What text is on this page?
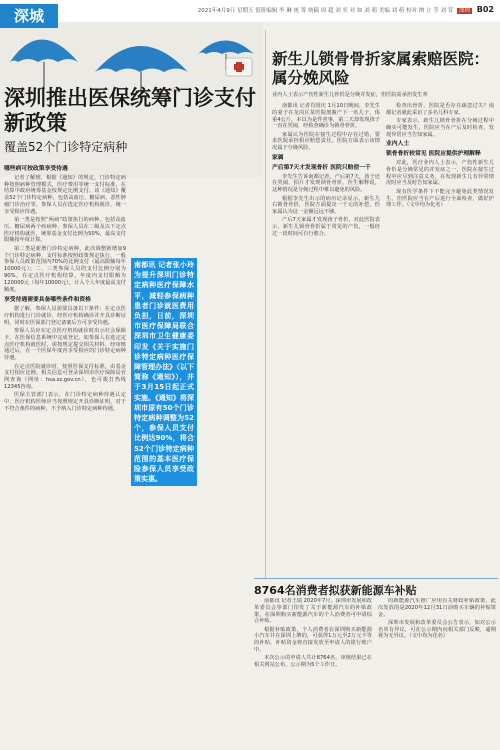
深城	2021年4月9日 星期五 值班编辑 李 琳 统 筹 统稿 周 超 刘 奕 对 如 刘 萌 美编 刘 萌 校对 纳 立 莹 刘 萱 深圳 B02
深圳推出医保统筹门诊支付新政策
覆盖52个门诊特定病种
哪些病可按政策享受待遇

记者了解到，根据《通知》的规定，门诊特定病种按照病种管理模式，医疗费用等统一支付标准，在结算中政府统筹基金按规定比例支付。该《通知》覆盖52个门诊特定病种，包括高血压、糖尿病、恶性肿瘤门诊治疗等，参保人员在选定医疗机构就诊，统一享受相应待遇。

第一类是按照“两病”政策执行的病种，包括高血压、糖尿病两个疾病种，参保人员在二级及以下定点医疗机构就医，统筹基金支付比例为50%，最高支付限额按年度计算。

第二类是新增门诊特定病种，此次调整新增加9个门诊特定病种，支付标准按照政策规定执行，一般参保人员政策范围内70%的比例支付（最高限额每年10000元）；二、三类参保人员的支付比例分别为90%，在定点医疗机构结算，年度内支付限额为120000元（每年10000元），计入个人年度最高支付额度。

享受待遇需要具备哪些条件和资格

据了解，参保人员需要具备以下条件：在定点医疗机构进行门诊就诊，经医疗机构确诊并开具诊断证明，同时在医保部门登记备案后方可享受待遇。

参保人员应在定点医疗机构就诊时出示社会保障卡，在医保信息系统中完成登记。如参保人在选定定点医疗机构就医时，需按规定提交相关材料，经审核通过后，在一个医保年度内享受相应的门诊特定病种待遇。

在定点医院就诊时，按照医保支付标准，由基金支付相应比例。相关信息可登录深圳市医疗保障局官网查询（网址：hsa.sz.gov.cn），也可拨打热线12345咨询。

医保主管部门表示，在门诊特定病种待遇认定中，医疗机构医师应当按照规定开具诊断证明，对于不符合条件的病种，不予纳入门诊特定病种待遇。

南都讯 记者张小玲 为提升深圳门诊特定病种医疗保障水平，减轻参保病种患者门诊就医费用负担，日前，深圳市医疗保障局联合深圳市卫生健康委印发《关于实施门诊特定病种医疗保障管理办法》（以下简称《通知》），并于3月15日起正式实施。《通知》将深圳市原有50个门诊特定病种调整为52个，参保人员支付比例达90%，将合52个门诊特定病种范围的基本医疗保险参保人员享受政策实惠。
新生儿锁骨骨折家属索赔医院：属分娩风险
业内人士表示产伤性新生儿骨折是分娩并发症，但医院需承担发生率

南都讯 记者肖国庆 1月10日晚间，李先生的妻子在龙岗区某医院剖腹产下一名儿子，体重4公斤，本以为是件喜事，第二天却发现孩子一直在哭闹，经检查确诊为锁骨骨折。

家属认为医院在接生过程中存在过错，要求医院承担相应赔偿责任。医院方面表示该情况属于分娩风险。

家属
产后第7天才发现骨折 医院只赔偿一千

李先生告诉南都记者，产后第7天，孩子还在哭闹，拍片才发现锁骨骨折。医生解释说，这种情况是分娩过程中难以避免的风险。

根据李先生出示的病历记录显示，新生儿右锁骨骨折，医院方面提出一千元的补偿，但家属认为这一金额远远不够。

产后7天家属才发现孩子骨折，对此医院表示，新生儿锁骨骨折属于常见的产伤，一般经过一段时间可自行愈合。

检查出骨折，医院是否存在疏忽过失？南都记者就此采访了多名儿科专家。

专家表示，新生儿锁骨骨折在分娩过程中确实可能发生，医院应当在产后及时检查，发现异常应当告知家属。

业内人士
锁骨骨折较常见 医院应提供护理解释

对此，医疗业内人士表示，产伤性新生儿骨折是分娩常见的并发症之一，医院在接生过程中应尽到注意义务，在发现新生儿有异常情况时应当及时告知家属。

现有医学条件下不能完全避免此类情况发生，但医院应当在产后进行全面检查，做好护理工作。（文中均为化名）

8764名消费者拟获新能源车补贴

南都讯 记者王瑞 2020年7月，深圳市发展和改革委员会等部门印发了关于新能源汽车的补贴政策，在深圳购买新能源汽车的个人消费者可申请综合补贴。

根据补贴政策，个人消费者在深圳购买新能源小汽车并在深圳上牌的，可获得1万元至2万元不等的补贴，补贴资金将直接发放至申请人的银行账户中。

本次公示的申请人共计8764名，审核结果已在相关网站公布，公示期为5个工作日。

的新能源汽车推广应用有关财政补贴政策，此次发放的是2020年12月31日前购买车辆的补贴资金。

深圳市发展和改革委员会公告表示，如对公示名单有异议，可在公示期内向相关部门反映，逾期视为无异议。（文中均为化名）
